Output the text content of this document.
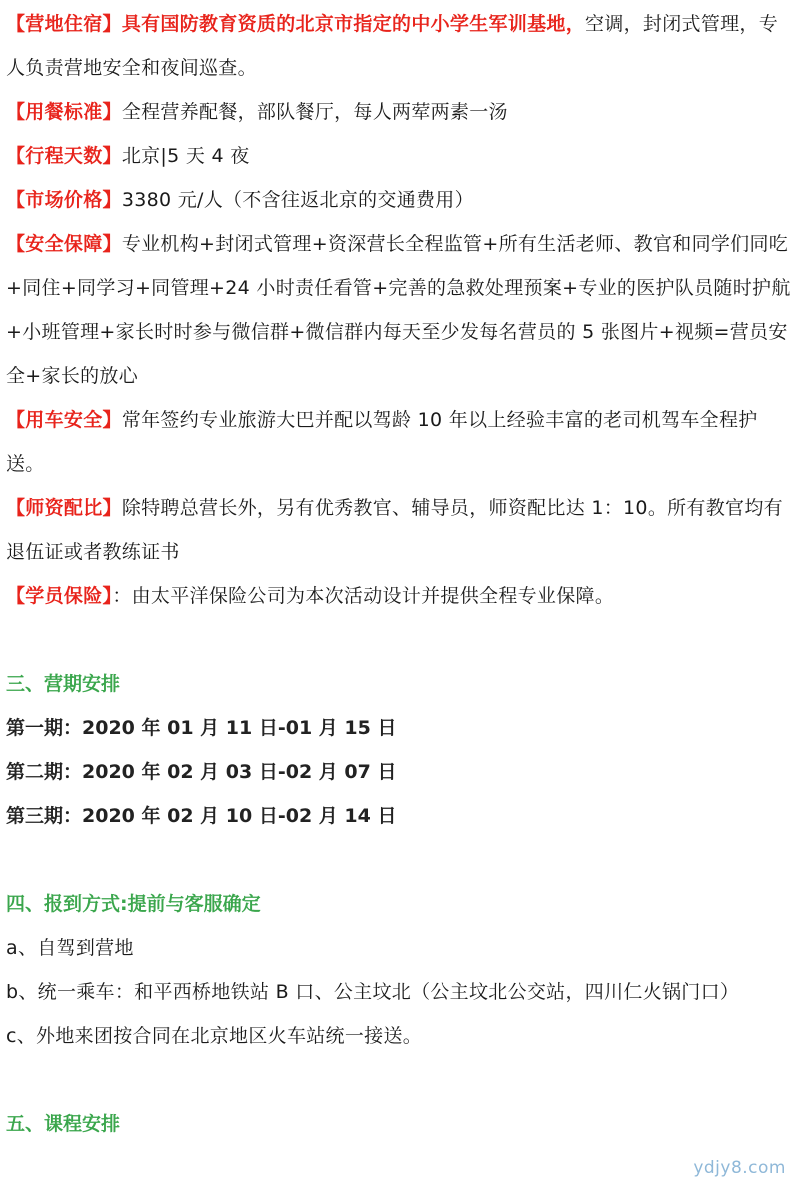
【营地住宿】具有国防教育资质的北京市指定的中小学生军训基地，空调，封闭式管理，专人负责营地安全和夜间巡查。

【用餐标准】全程营养配餐，部队餐厅，每人两荤两素一汤

【行程天数】北京|5 天 4 夜

【市场价格】3380 元/人（不含往返北京的交通费用）

【安全保障】专业机构+封闭式管理+资深营长全程监管+所有生活老师、教官和同学们同吃+同住+同学习+同管理+24 小时责任看管+完善的急救处理预案+专业的医护队员随时护航+小班管理+家长时时参与微信群+微信群内每天至少发每名营员的 5 张图片+视频=营员安全+家长的放心

【用车安全】常年签约专业旅游大巴并配以驾龄 10 年以上经验丰富的老司机驾车全程护送。

【师资配比】除特聘总营长外，另有优秀教官、辅导员，师资配比达 1：10。所有教官均有退伍证或者教练证书

【学员保险】：由太平洋保险公司为本次活动设计并提供全程专业保障。

三、营期安排

第一期：2020 年 01 月 11 日-01 月 15 日

第二期：2020 年 02 月 03 日-02 月 07 日

第三期：2020 年 02 月 10 日-02 月 14 日

四、报到方式:提前与客服确定

a、自驾到营地

b、统一乘车：和平西桥地铁站 B 口、公主坟北（公主坟北公交站，四川仁火锅门口）

c、外地来团按合同在北京地区火车站统一接送。

五、课程安排

ydjy8.com
